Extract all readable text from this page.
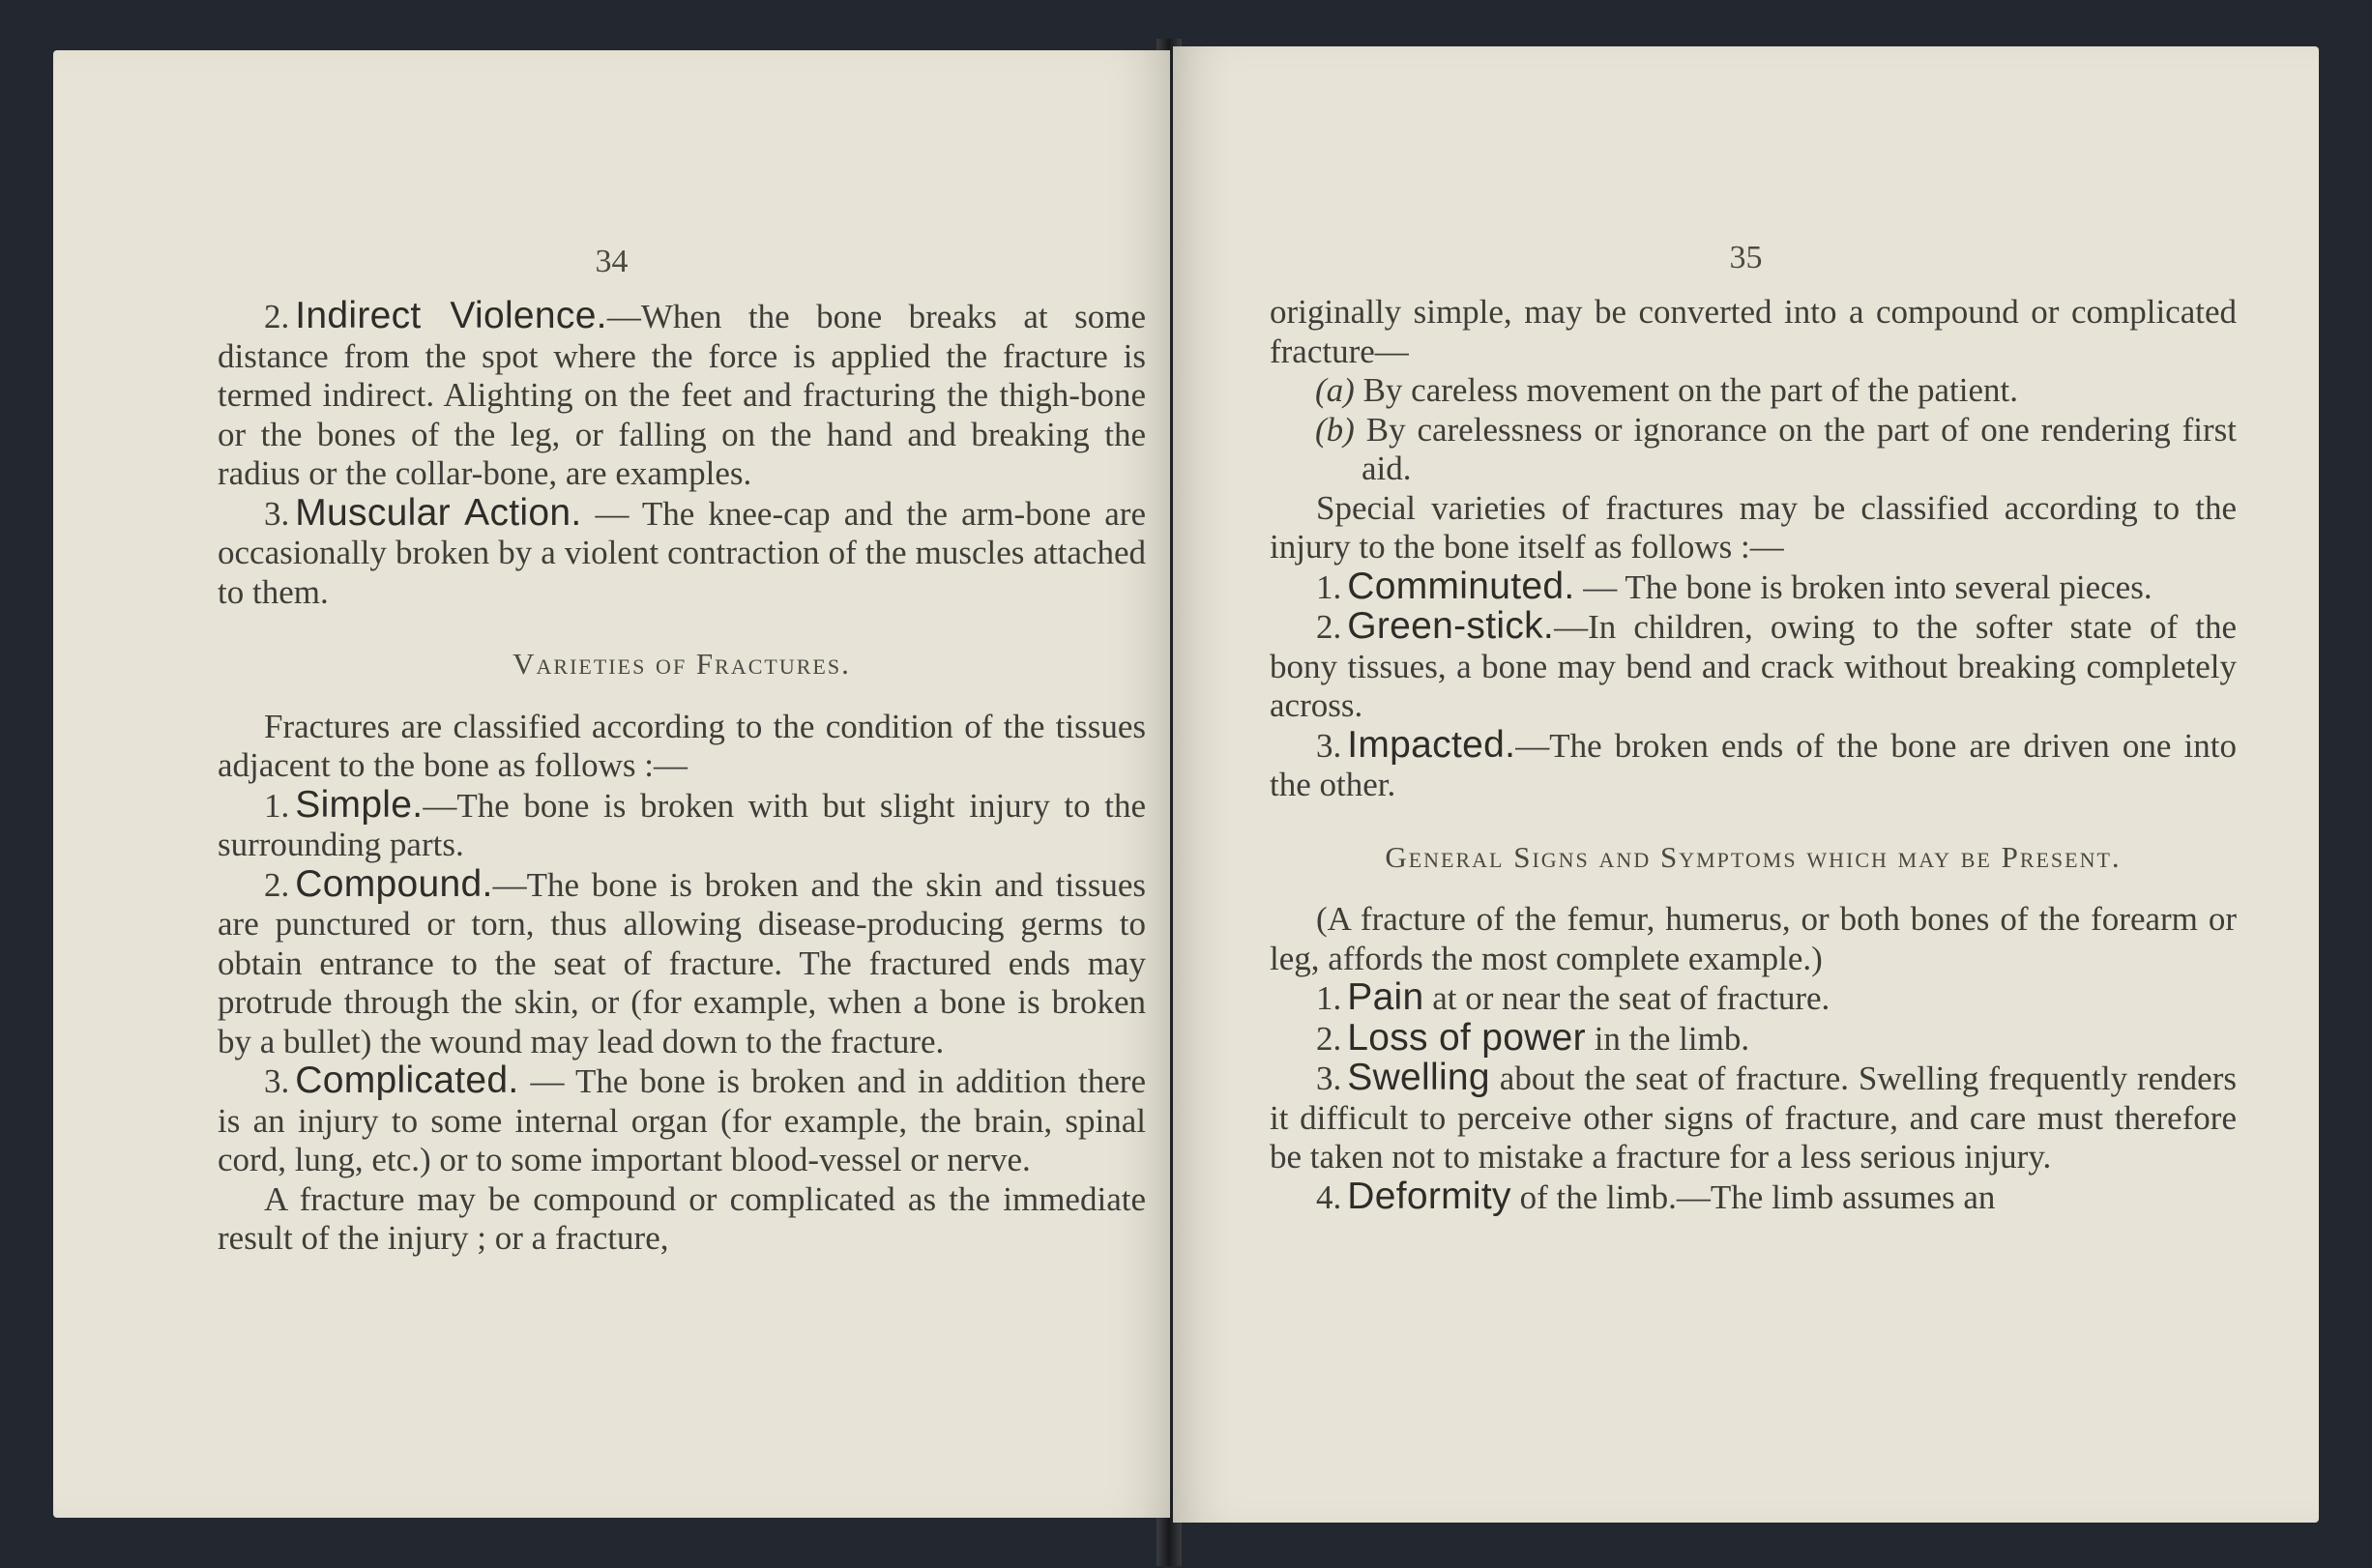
34

2. Indirect Violence.—When the bone breaks at some distance from the spot where the force is applied the fracture is termed indirect. Alighting on the feet and fracturing the thigh-bone or the bones of the leg, or falling on the hand and breaking the radius or the collar-bone, are examples.

3. Muscular Action. — The knee-cap and the arm-bone are occasionally broken by a violent contraction of the muscles attached to them.

Varieties of Fractures.

Fractures are classified according to the condition of the tissues adjacent to the bone as follows :—

1. Simple.—The bone is broken with but slight injury to the surrounding parts.

2. Compound.—The bone is broken and the skin and tissues are punctured or torn, thus allowing disease-producing germs to obtain entrance to the seat of fracture. The fractured ends may protrude through the skin, or (for example, when a bone is broken by a bullet) the wound may lead down to the fracture.

3. Complicated. — The bone is broken and in addition there is an injury to some internal organ (for example, the brain, spinal cord, lung, etc.) or to some important blood-vessel or nerve.

A fracture may be compound or complicated as the immediate result of the injury ; or a fracture,

35

originally simple, may be converted into a compound or complicated fracture—

(a) By careless movement on the part of the patient.

(b) By carelessness or ignorance on the part of one rendering first aid.

Special varieties of fractures may be classified according to the injury to the bone itself as follows :—

1. Comminuted. — The bone is broken into several pieces.

2. Green-stick.—In children, owing to the softer state of the bony tissues, a bone may bend and crack without breaking completely across.

3. Impacted.—The broken ends of the bone are driven one into the other.

General Signs and Symptoms which may be Present.

(A fracture of the femur, humerus, or both bones of the forearm or leg, affords the most complete example.)

1. Pain at or near the seat of fracture.

2. Loss of power in the limb.

3. Swelling about the seat of fracture. Swelling frequently renders it difficult to perceive other signs of fracture, and care must therefore be taken not to mistake a fracture for a less serious injury.

4. Deformity of the limb.—The limb assumes an
